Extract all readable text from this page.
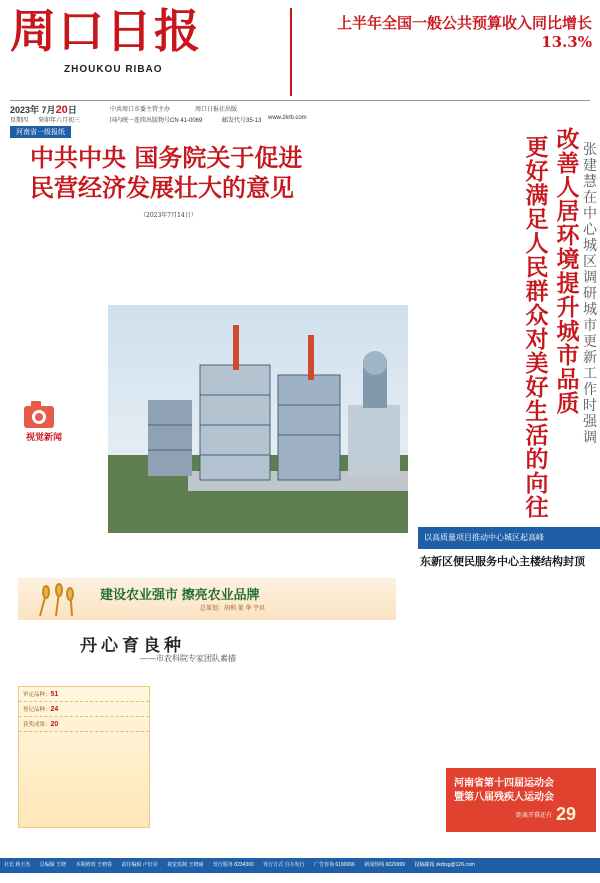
周口日报
ZHOUKOU RIBAO
上半年全国一般公共预算收入同比增长13.3%

2023年 7月20日
星期四 癸卯年六月初三
中共周口市委主管主办
国内统一连续出版物号CN 41-0069
周口日报社出版
邮发代号35-13 www.zkrb.com
河南省一级报纸
中共中央 国务院关于促进
民营经济发展壮大的意见
（2023年7月14日）
张建慧在中心城区调研城市更新工作时强调
改善人居环境
提升城市品质
更好满足人民群众对美好生活的向往

视觉新闻
以高质量项目推动中心城区起高峰
东新区便民服务中心主楼结构封顶

建设农业强市 擦亮农业品牌
总策划：胡利 董 华 宇贝
丹心育良种
——市农科院专家团队素描
审定品种：51
登记品种：24
获奖成果：20

河南省第十四届运动会
暨第八届残疾人运动会
距离开幕还有 29
社长 蒋玉杰 总编辑 王晓 本期值班 王晓春 责任编辑 卢好亮 视觉监制 王晓丽 发行服务 8234300 发行方式 自办发行 广告咨询 6190066 新闻热线 6029999 投稿邮箱 zkrbsg@126.com
